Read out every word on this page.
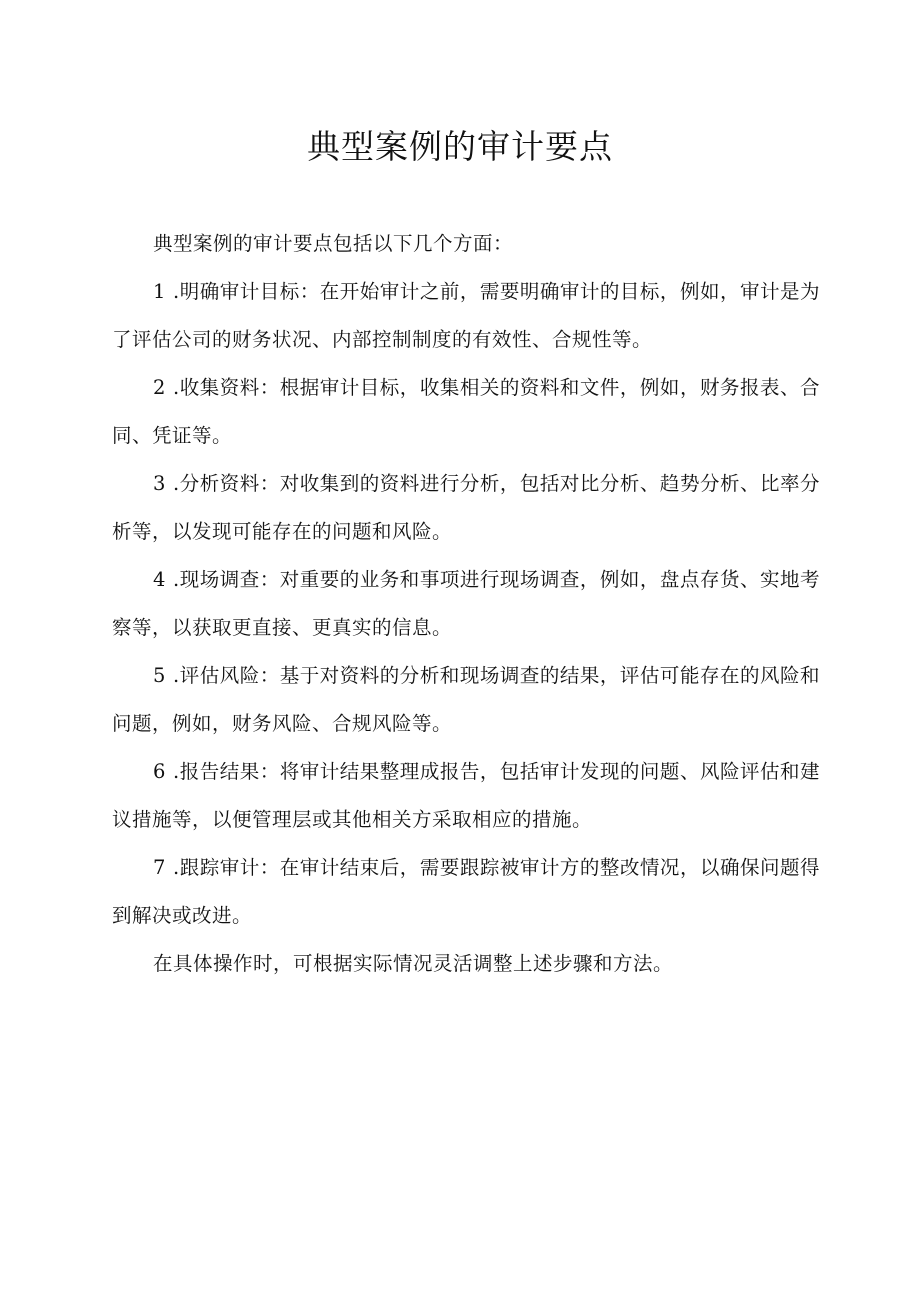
典型案例的审计要点

典型案例的审计要点包括以下几个方面：

1 .明确审计目标：在开始审计之前，需要明确审计的目标，例如，审计是为了评估公司的财务状况、内部控制制度的有效性、合规性等。

2 .收集资料：根据审计目标，收集相关的资料和文件，例如，财务报表、合同、凭证等。

3 .分析资料：对收集到的资料进行分析，包括对比分析、趋势分析、比率分析等，以发现可能存在的问题和风险。

4 .现场调查：对重要的业务和事项进行现场调查，例如，盘点存货、实地考察等，以获取更直接、更真实的信息。

5 .评估风险：基于对资料的分析和现场调查的结果，评估可能存在的风险和问题，例如，财务风险、合规风险等。

6 .报告结果：将审计结果整理成报告，包括审计发现的问题、风险评估和建议措施等，以便管理层或其他相关方采取相应的措施。

7 .跟踪审计：在审计结束后，需要跟踪被审计方的整改情况，以确保问题得到解决或改进。

在具体操作时，可根据实际情况灵活调整上述步骤和方法。
